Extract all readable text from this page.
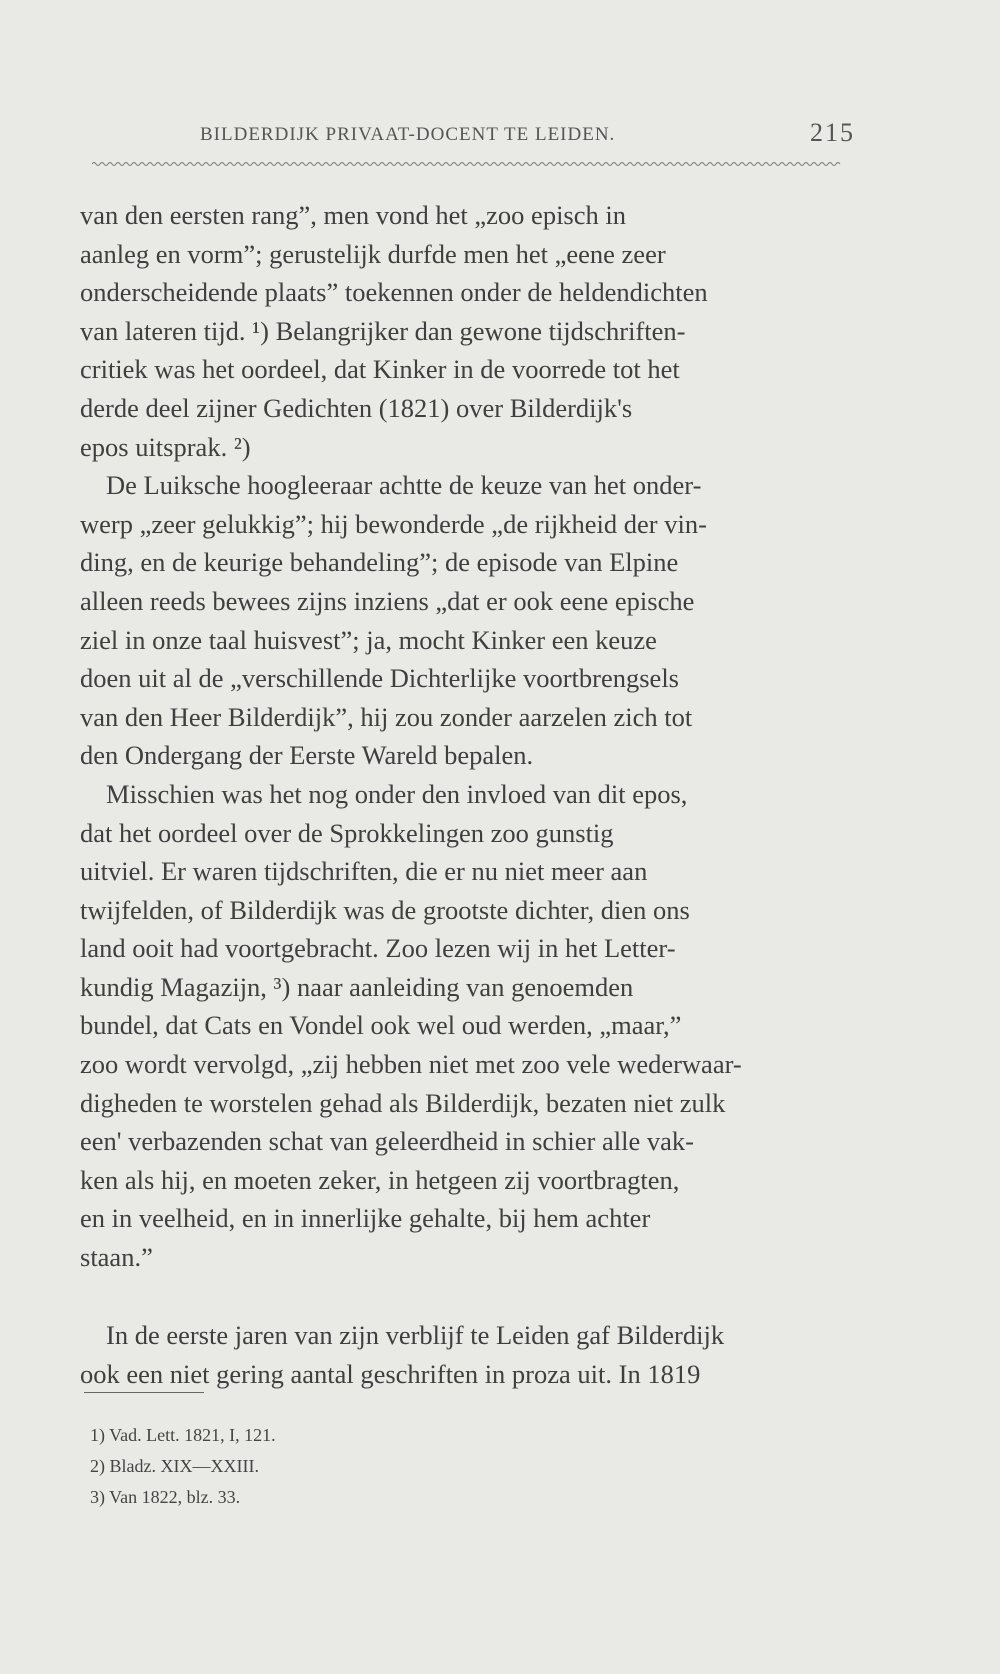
BILDERDIJK PRIVAAT-DOCENT TE LEIDEN.	215
van den eersten rang”, men vond het „zoo episch in
aanleg en vorm”; gerustelijk durfde men het „eene zeer
onderscheidende plaats” toekennen onder de heldendichten
van lateren tijd. ¹) Belangrijker dan gewone tijdschriften-
critiek was het oordeel, dat Kinker in de voorrede tot het
derde deel zijner Gedichten (1821) over Bilderdijk's
epos uitsprak. ²)
De Luiksche hoogleeraar achtte de keuze van het onder-
werp „zeer gelukkig”; hij bewonderde „de rijkheid der vin-
ding, en de keurige behandeling”; de episode van Elpine
alleen reeds bewees zijns inziens „dat er ook eene epische
ziel in onze taal huisvest”; ja, mocht Kinker een keuze
doen uit al de „verschillende Dichterlijke voortbrengsels
van den Heer Bilderdijk”, hij zou zonder aarzelen zich tot
den Ondergang der Eerste Wareld bepalen.
Misschien was het nog onder den invloed van dit epos,
dat het oordeel over de Sprokkelingen zoo gunstig
uitviel. Er waren tijdschriften, die er nu niet meer aan
twijfelden, of Bilderdijk was de grootste dichter, dien ons
land ooit had voortgebracht. Zoo lezen wij in het Letter-
kundig Magazijn, ³) naar aanleiding van genoemden
bundel, dat Cats en Vondel ook wel oud werden, „maar,”
zoo wordt vervolgd, „zij hebben niet met zoo vele wederwaar-
digheden te worstelen gehad als Bilderdijk, bezaten niet zulk
een' verbazenden schat van geleerdheid in schier alle vak-
ken als hij, en moeten zeker, in hetgeen zij voortbragten,
en in veelheid, en in innerlijke gehalte, bij hem achter
staan.”
In de eerste jaren van zijn verblijf te Leiden gaf Bilderdijk
ook een niet gering aantal geschriften in proza uit. In 1819
1) Vad. Lett. 1821, I, 121.
2) Bladz. XIX—XXIII.
3) Van 1822, blz. 33.
